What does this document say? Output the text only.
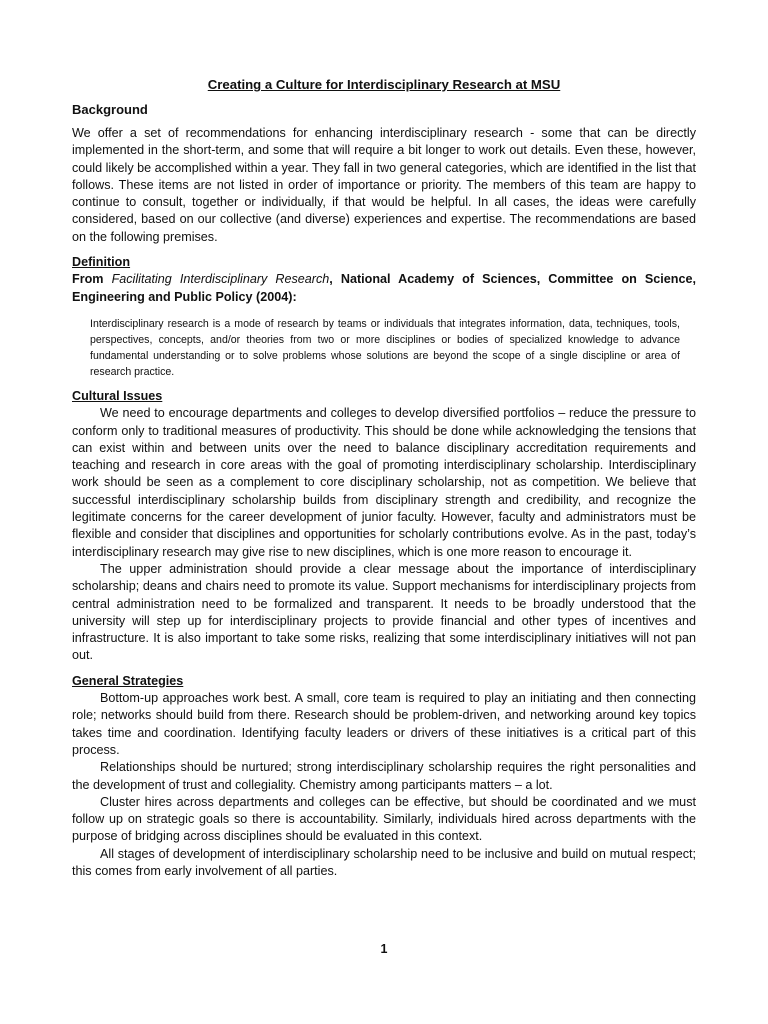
Creating a Culture for Interdisciplinary Research at MSU
Background

We offer a set of recommendations for enhancing interdisciplinary research - some that can be directly implemented in the short-term, and some that will require a bit longer to work out details. Even these, however, could likely be accomplished within a year. They fall in two general categories, which are identified in the list that follows. These items are not listed in order of importance or priority. The members of this team are happy to continue to consult, together or individually, if that would be helpful. In all cases, the ideas were carefully considered, based on our collective (and diverse) experiences and expertise. The recommendations are based on the following premises.

Definition

From Facilitating Interdisciplinary Research, National Academy of Sciences, Committee on Science, Engineering and Public Policy (2004):

Interdisciplinary research is a mode of research by teams or individuals that integrates information, data, techniques, tools, perspectives, concepts, and/or theories from two or more disciplines or bodies of specialized knowledge to advance fundamental understanding or to solve problems whose solutions are beyond the scope of a single discipline or area of research practice.

Cultural Issues

We need to encourage departments and colleges to develop diversified portfolios – reduce the pressure to conform only to traditional measures of productivity. This should be done while acknowledging the tensions that can exist within and between units over the need to balance disciplinary accreditation requirements and teaching and research in core areas with the goal of promoting interdisciplinary scholarship. Interdisciplinary work should be seen as a complement to core disciplinary scholarship, not as competition. We believe that successful interdisciplinary scholarship builds from disciplinary strength and credibility, and recognize the legitimate concerns for the career development of junior faculty. However, faculty and administrators must be flexible and consider that disciplines and opportunities for scholarly contributions evolve. As in the past, today’s interdisciplinary research may give rise to new disciplines, which is one more reason to encourage it.

The upper administration should provide a clear message about the importance of interdisciplinary scholarship; deans and chairs need to promote its value. Support mechanisms for interdisciplinary projects from central administration need to be formalized and transparent. It needs to be broadly understood that the university will step up for interdisciplinary projects to provide financial and other types of incentives and infrastructure. It is also important to take some risks, realizing that some interdisciplinary initiatives will not pan out.

General Strategies

Bottom-up approaches work best. A small, core team is required to play an initiating and then connecting role; networks should build from there. Research should be problem-driven, and networking around key topics takes time and coordination. Identifying faculty leaders or drivers of these initiatives is a critical part of this process.

Relationships should be nurtured; strong interdisciplinary scholarship requires the right personalities and the development of trust and collegiality. Chemistry among participants matters – a lot.

Cluster hires across departments and colleges can be effective, but should be coordinated and we must follow up on strategic goals so there is accountability. Similarly, individuals hired across departments with the purpose of bridging across disciplines should be evaluated in this context.

All stages of development of interdisciplinary scholarship need to be inclusive and build on mutual respect; this comes from early involvement of all parties.

1
